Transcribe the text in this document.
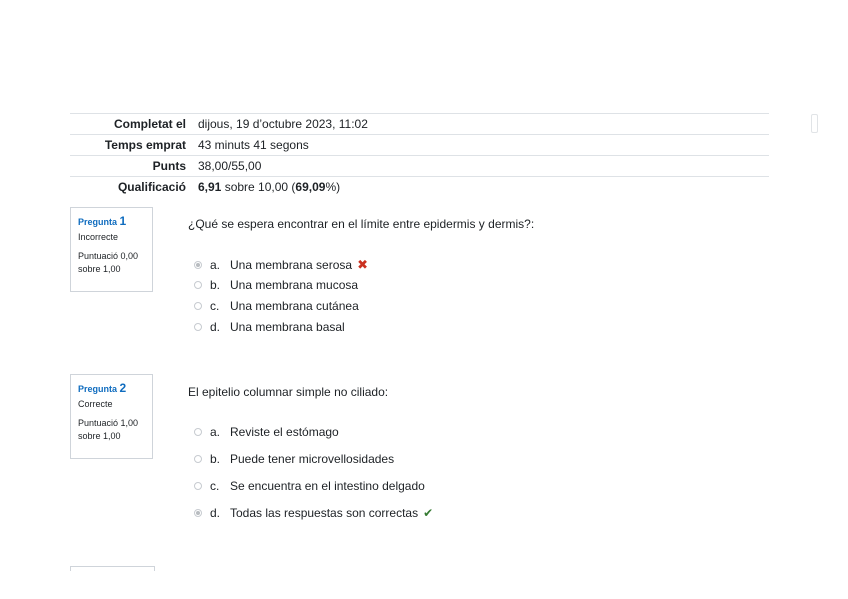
Completat el	dijous, 19 d’octubre 2023, 11:02
Temps emprat	43 minuts 41 segons
Punts	38,00/55,00
Qualificació	6,91 sobre 10,00 (69,09%)
Pregunta 1
Incorrecte
Puntuació 0,00
sobre 1,00
¿Qué se espera encontrar en el límite entre epidermis y dermis?:
a. Una membrana serosa ✖
b. Una membrana mucosa
c. Una membrana cutánea
d. Una membrana basal
Pregunta 2
Correcte
Puntuació 1,00
sobre 1,00
El epitelio columnar simple no ciliado:
a. Reviste el estómago
b. Puede tener microvellosidades
c. Se encuentra en el intestino delgado
d. Todas las respuestas son correctas ✔
